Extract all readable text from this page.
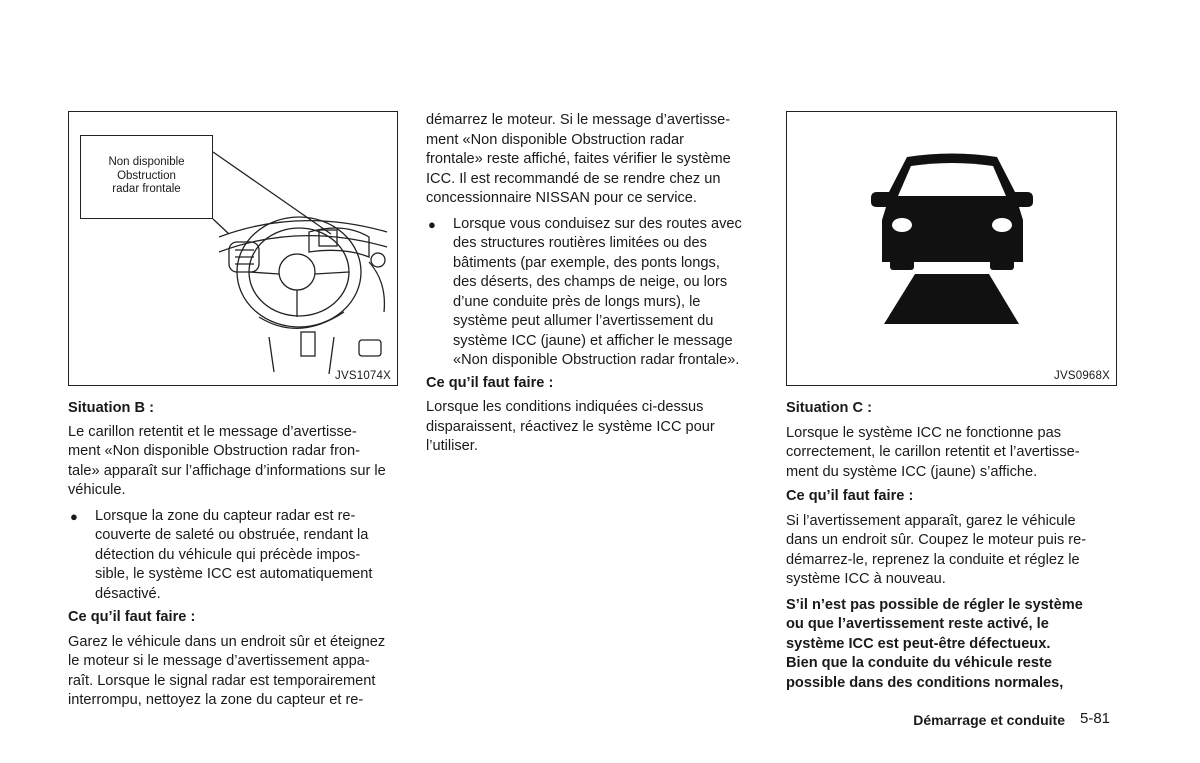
Non disponible
Obstruction
radar frontale
JVS1074X

Situation B :

Le carillon retentit et le message d’avertisse-

ment «Non disponible Obstruction radar fron-

tale» apparaît sur l’affichage d’informations sur le

véhicule.

● Lorsque la zone du capteur radar est re-

couverte de saleté ou obstruée, rendant la

détection du véhicule qui précède impos-

sible, le système ICC est automatiquement

désactivé.

Ce qu’il faut faire :

Garez le véhicule dans un endroit sûr et éteignez

le moteur si le message d’avertissement appa-

raît. Lorsque le signal radar est temporairement

interrompu, nettoyez la zone du capteur et re-

démarrez le moteur. Si le message d’avertisse-

ment «Non disponible Obstruction radar

frontale» reste affiché, faites vérifier le système

ICC. Il est recommandé de se rendre chez un

concessionnaire NISSAN pour ce service.

● Lorsque vous conduisez sur des routes avec

des structures routières limitées ou des

bâtiments (par exemple, des ponts longs,

des déserts, des champs de neige, ou lors

d’une conduite près de longs murs), le

système peut allumer l’avertissement du

système ICC (jaune) et afficher le message

«Non disponible Obstruction radar frontale».

Ce qu’il faut faire :

Lorsque les conditions indiquées ci-dessus

disparaissent, réactivez le système ICC pour

l’utiliser.

JVS0968X

Situation C :

Lorsque le système ICC ne fonctionne pas

correctement, le carillon retentit et l’avertisse-

ment du système ICC (jaune) s’affiche.

Ce qu’il faut faire :

Si l’avertissement apparaît, garez le véhicule

dans un endroit sûr. Coupez le moteur puis re-

démarrez-le, reprenez la conduite et réglez le

système ICC à nouveau.

S’il n’est pas possible de régler le système

ou que l’avertissement reste activé, le

système ICC est peut-être défectueux.

Bien que la conduite du véhicule reste

possible dans des conditions normales,

Démarrage et conduite 5-81
